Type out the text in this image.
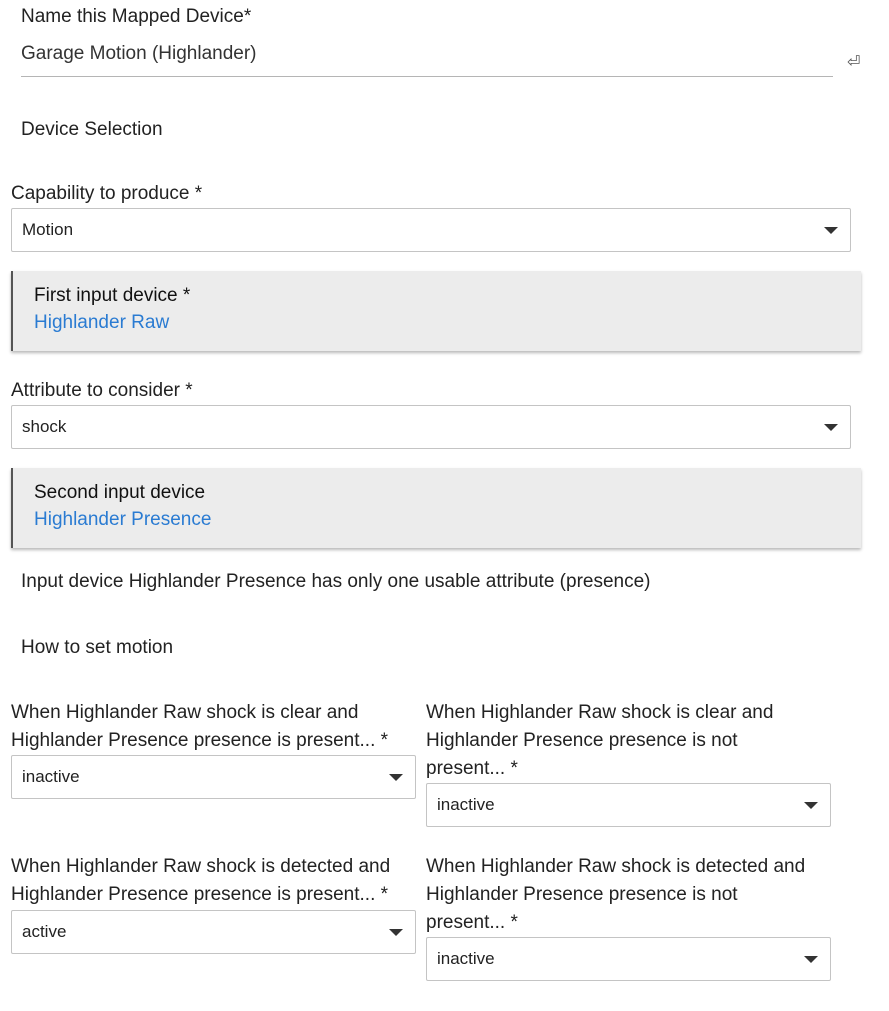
Name this Mapped Device*
Garage Motion (Highlander)	⏎
Device Selection
Capability to produce *
Motion
First input device *
Highlander Raw
Attribute to consider *
shock
Second input device
Highlander Presence
Input device Highlander Presence has only one usable attribute (presence)
How to set motion
When Highlander Raw shock is clear and
Highlander Presence presence is present... *
inactive
When Highlander Raw shock is clear and
Highlander Presence presence is not
present... *
inactive
When Highlander Raw shock is detected and
Highlander Presence presence is present... *
active
When Highlander Raw shock is detected and
Highlander Presence presence is not
present... *
inactive
